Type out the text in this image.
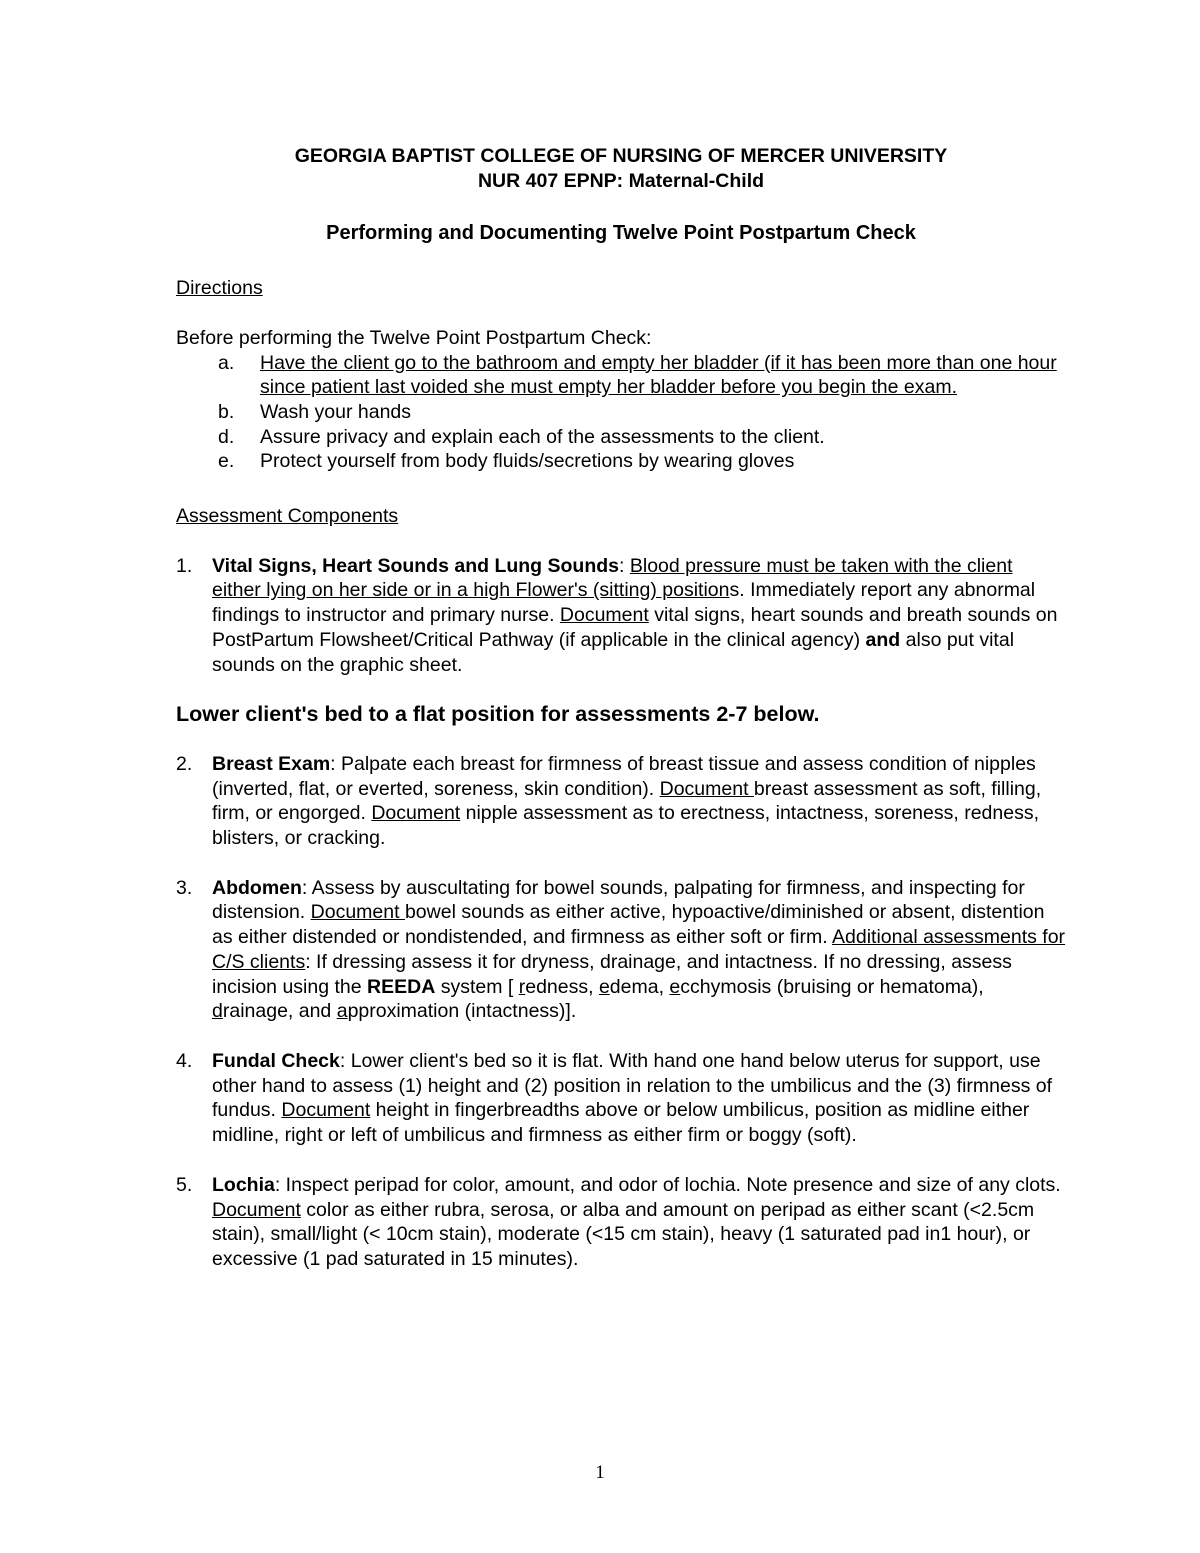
GEORGIA BAPTIST COLLEGE OF NURSING OF MERCER UNIVERSITY
NUR 407 EPNP: Maternal-Child
Performing and Documenting Twelve Point Postpartum Check
Directions
Before performing the Twelve Point Postpartum Check:
a. Have the client go to the bathroom and empty her bladder (if it has been more than one hour since patient last voided she must empty her bladder before you begin the exam.
b. Wash your hands
d. Assure privacy and explain each of the assessments to the client.
e. Protect yourself from body fluids/secretions by wearing gloves
Assessment Components
1. Vital Signs, Heart Sounds and Lung Sounds: Blood pressure must be taken with the client either lying on her side or in a high Flower's (sitting) positions. Immediately report any abnormal findings to instructor and primary nurse. Document vital signs, heart sounds and breath sounds on PostPartum Flowsheet/Critical Pathway (if applicable in the clinical agency) and also put vital sounds on the graphic sheet.
Lower client's bed to a flat position for assessments 2-7 below.
2. Breast Exam: Palpate each breast for firmness of breast tissue and assess condition of nipples (inverted, flat, or everted, soreness, skin condition). Document breast assessment as soft, filling, firm, or engorged. Document nipple assessment as to erectness, intactness, soreness, redness, blisters, or cracking.
3. Abdomen: Assess by auscultating for bowel sounds, palpating for firmness, and inspecting for distension. Document bowel sounds as either active, hypoactive/diminished or absent, distention as either distended or nondistended, and firmness as either soft or firm. Additional assessments for C/S clients: If dressing assess it for dryness, drainage, and intactness. If no dressing, assess incision using the REEDA system [ redness, edema, ecchymosis (bruising or hematoma), drainage, and approximation (intactness)].
4. Fundal Check: Lower client's bed so it is flat. With hand one hand below uterus for support, use other hand to assess (1) height and (2) position in relation to the umbilicus and the (3) firmness of fundus. Document height in fingerbreadths above or below umbilicus, position as midline either midline, right or left of umbilicus and firmness as either firm or boggy (soft).
5. Lochia: Inspect peripad for color, amount, and odor of lochia. Note presence and size of any clots. Document color as either rubra, serosa, or alba and amount on peripad as either scant (<2.5cm stain), small/light (< 10cm stain), moderate (<15 cm stain), heavy (1 saturated pad in1 hour), or excessive (1 pad saturated in 15 minutes).
1
